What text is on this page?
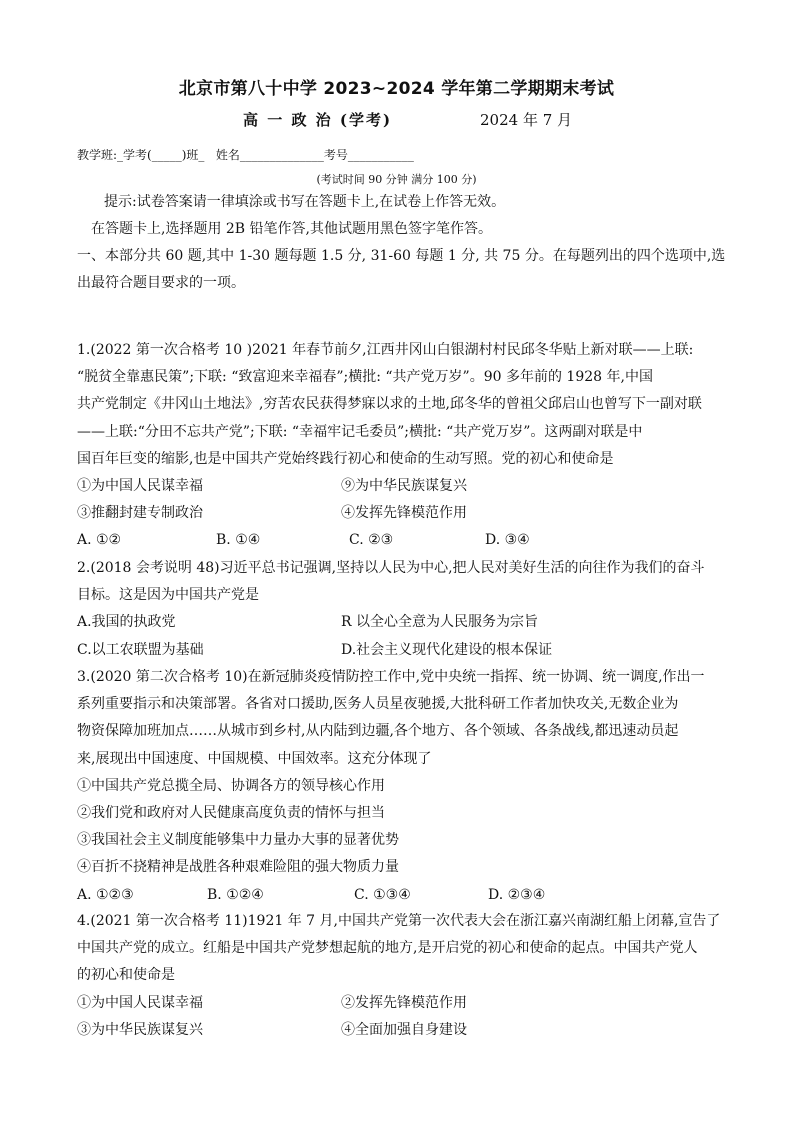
北京市第八十中学 2023~2024 学年第二学期期末考试
高 一 政 治 (学考)	2024 年 7 月
教学班:_学考(_____)班_   姓名______________考号___________
(考试时间 90 分钟 满分 100 分)
提示:试卷答案请一律填涂或书写在答题卡上,在试卷上作答无效。
在答题卡上,选择题用 2B 铅笔作答,其他试题用黑色签字笔作答。
一、本部分共 60 题,其中 1-30 题每题 1.5 分, 31-60 每题 1 分, 共 75 分。在每题列出的四个选项中,选
出最符合题目要求的一项。
1.(2022 第一次合格考 10 )2021 年春节前夕,江西井冈山白银湖村村民邱冬华贴上新对联——上联:
“脱贫全靠惠民策”;下联: “致富迎来幸福春”;横批: “共产党万岁”。90 多年前的 1928 年,中国
共产党制定《井冈山土地法》,穷苦农民获得梦寐以求的土地,邱冬华的曾祖父邱启山也曾写下一副对联
——上联:“分田不忘共产党”;下联: “幸福牢记毛委员”;横批: “共产党万岁”。这两副对联是中
国百年巨变的缩影,也是中国共产党始终践行初心和使命的生动写照。党的初心和使命是
①为中国人民谋幸福	⑨为中华民族谋复兴
③推翻封建专制政治	④发挥先锋模范作用
A. ①②	B. ①④	C. ②③	D. ③④
2.(2018 会考说明 48)习近平总书记强调,坚持以人民为中心,把人民对美好生活的向往作为我们的奋斗
目标。这是因为中国共产党是
A.我国的执政党	R 以全心全意为人民服务为宗旨
C.以工农联盟为基础	D.社会主义现代化建设的根本保证
3.(2020 第二次合格考 10)在新冠肺炎疫情防控工作中,党中央统一指挥、统一协调、统一调度,作出一
系列重要指示和决策部署。各省对口援助,医务人员星夜驰援,大批科研工作者加快攻关,无数企业为
物资保障加班加点……从城市到乡村,从内陆到边疆,各个地方、各个领域、各条战线,都迅速动员起
来,展现出中国速度、中国规模、中国效率。这充分体现了
①中国共产党总揽全局、协调各方的领导核心作用
②我们党和政府对人民健康高度负责的情怀与担当
③我国社会主义制度能够集中力量办大事的显著优势
④百折不挠精神是战胜各种艰难险阻的强大物质力量
A. ①②③	B. ①②④	C. ①③④	D. ②③④
4.(2021 第一次合格考 11)1921 年 7 月,中国共产党第一次代表大会在浙江嘉兴南湖红船上闭幕,宣告了
中国共产党的成立。红船是中国共产党梦想起航的地方,是开启党的初心和使命的起点。中国共产党人
的初心和使命是
①为中国人民谋幸福	②发挥先锋模范作用
③为中华民族谋复兴	④全面加强自身建设
